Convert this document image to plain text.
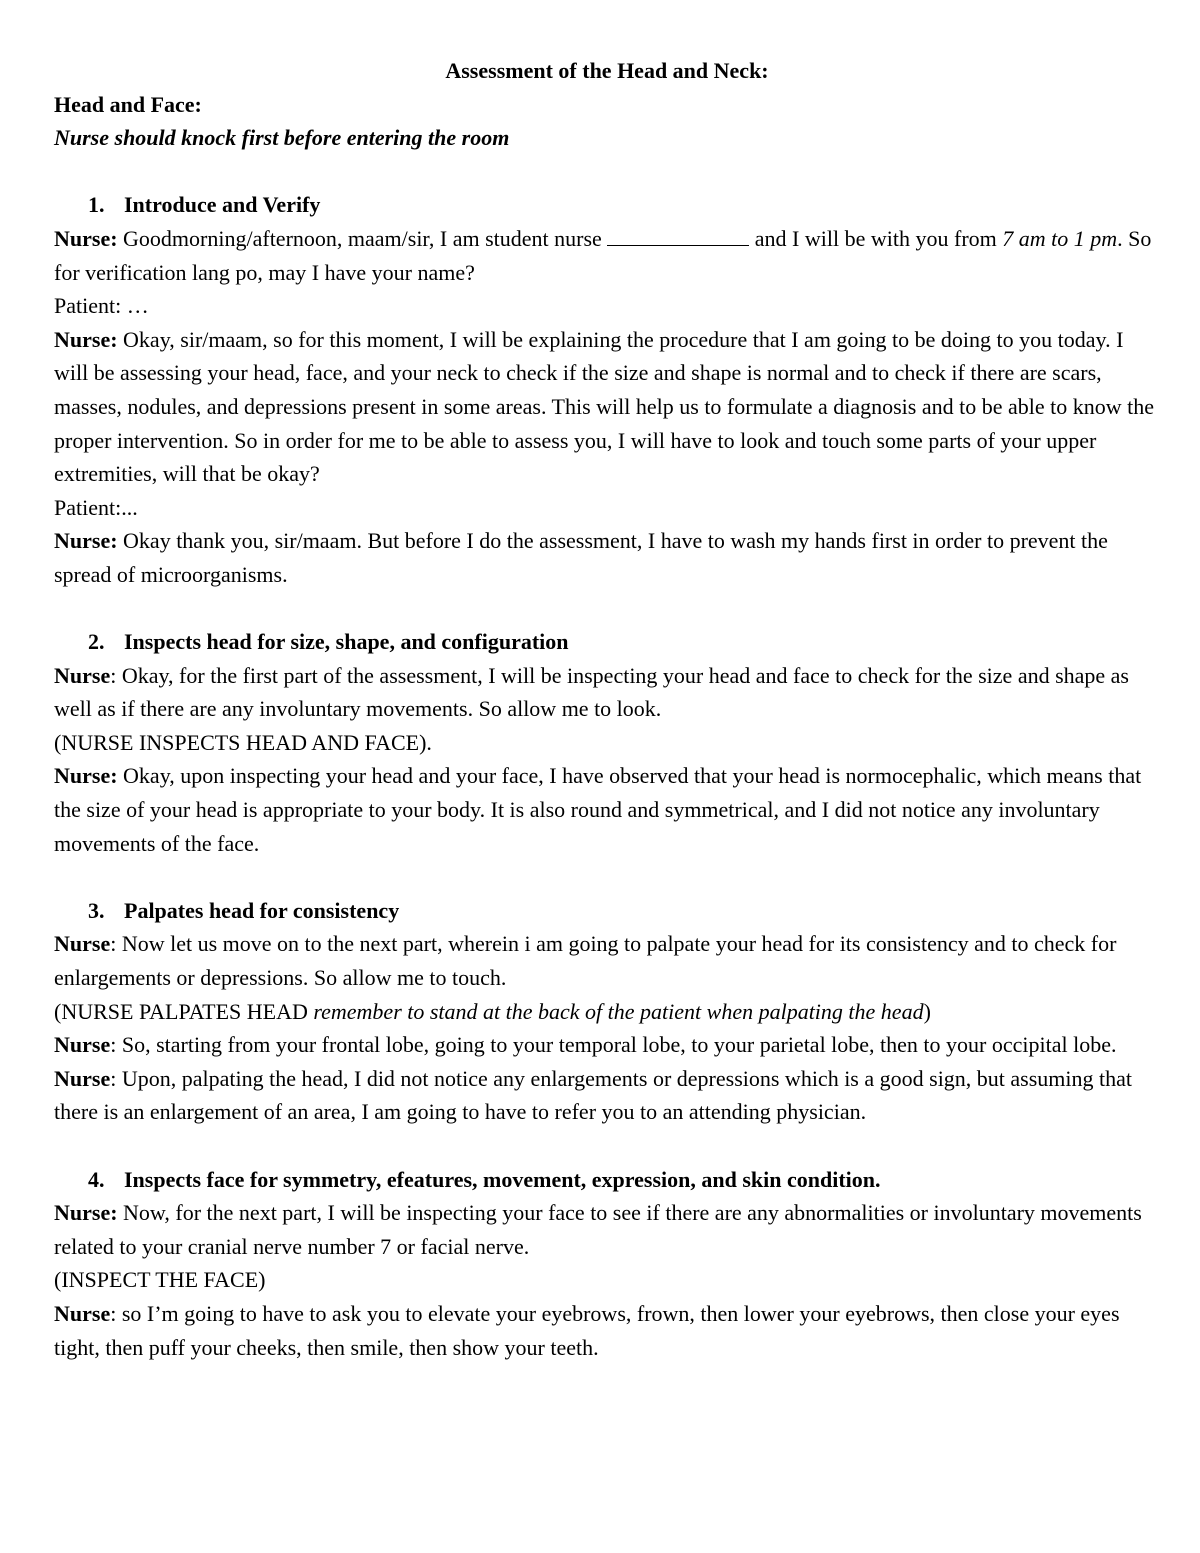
Assessment of the Head and Neck:

Head and Face:

Nurse should knock first before entering the room

1. Introduce and Verify

Nurse: Goodmorning/afternoon, maam/sir, I am student nurse	and I will be with you from 7 am to 1 pm. So for verification lang po, may I have your name?

Patient: …

Nurse: Okay, sir/maam, so for this moment, I will be explaining the procedure that I am going to be doing to you today. I will be assessing your head, face, and your neck to check if the size and shape is normal and to check if there are scars, masses, nodules, and depressions present in some areas. This will help us to formulate a diagnosis and to be able to know the proper intervention. So in order for me to be able to assess you, I will have to look and touch some parts of your upper extremities, will that be okay?

Patient:...

Nurse: Okay thank you, sir/maam. But before I do the assessment, I have to wash my hands first in order to prevent the spread of microorganisms.

2. Inspects head for size, shape, and configuration

Nurse: Okay, for the first part of the assessment, I will be inspecting your head and face to check for the size and shape as well as if there are any involuntary movements. So allow me to look.

(NURSE INSPECTS HEAD AND FACE).

Nurse: Okay, upon inspecting your head and your face, I have observed that your head is normocephalic, which means that the size of your head is appropriate to your body. It is also round and symmetrical, and I did not notice any involuntary movements of the face.

3. Palpates head for consistency

Nurse: Now let us move on to the next part, wherein i am going to palpate your head for its consistency and to check for enlargements or depressions. So allow me to touch.

(NURSE PALPATES HEAD remember to stand at the back of the patient when palpating the head)

Nurse: So, starting from your frontal lobe, going to your temporal lobe, to your parietal lobe, then to your occipital lobe.

Nurse: Upon, palpating the head, I did not notice any enlargements or depressions which is a good sign, but assuming that there is an enlargement of an area, I am going to have to refer you to an attending physician.

4. Inspects face for symmetry, efeatures, movement, expression, and skin condition.

Nurse: Now, for the next part, I will be inspecting your face to see if there are any abnormalities or involuntary movements related to your cranial nerve number 7 or facial nerve.

(INSPECT THE FACE)

Nurse: so I’m going to have to ask you to elevate your eyebrows, frown, then lower your eyebrows, then close your eyes tight, then puff your cheeks, then smile, then show your teeth.
